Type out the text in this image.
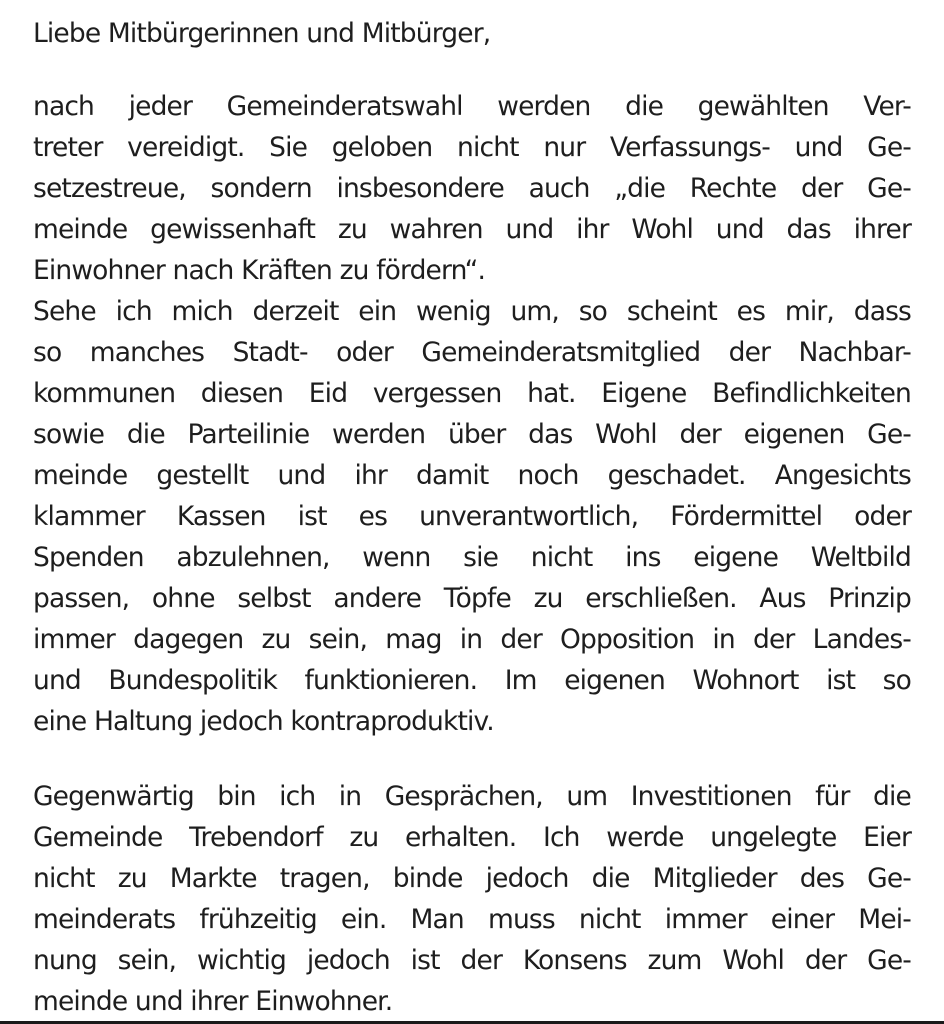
Liebe Mitbürgerinnen und Mitbürger,
nach jeder Gemeinderatswahl werden die gewählten Ver-
treter vereidigt. Sie geloben nicht nur Verfassungs- und Ge-
setzestreue, sondern insbesondere auch „die Rechte der Ge-
meinde gewissenhaft zu wahren und ihr Wohl und das ihrer
Einwohner nach Kräften zu fördern“.
Sehe ich mich derzeit ein wenig um, so scheint es mir, dass
so manches Stadt- oder Gemeinderatsmitglied der Nachbar-
kommunen diesen Eid vergessen hat. Eigene Befindlichkeiten
sowie die Parteilinie werden über das Wohl der eigenen Ge-
meinde gestellt und ihr damit noch geschadet. Angesichts
klammer Kassen ist es unverantwortlich, Fördermittel oder
Spenden abzulehnen, wenn sie nicht ins eigene Weltbild
passen, ohne selbst andere Töpfe zu erschließen. Aus Prinzip
immer dagegen zu sein, mag in der Opposition in der Landes-
und Bundespolitik funktionieren. Im eigenen Wohnort ist so
eine Haltung jedoch kontraproduktiv.
Gegenwärtig bin ich in Gesprächen, um Investitionen für die
Gemeinde Trebendorf zu erhalten. Ich werde ungelegte Eier
nicht zu Markte tragen, binde jedoch die Mitglieder des Ge-
meinderats frühzeitig ein. Man muss nicht immer einer Mei-
nung sein, wichtig jedoch ist der Konsens zum Wohl der Ge-
meinde und ihrer Einwohner.
